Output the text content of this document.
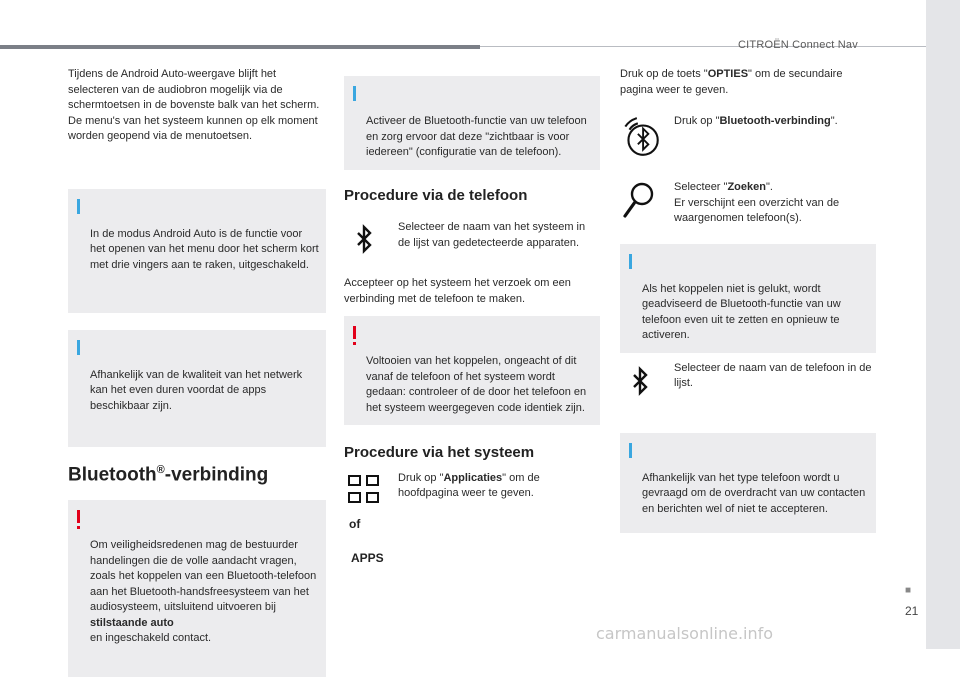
CITROËN Connect Nav

Tijdens de Android Auto-weergave blijft het selecteren van de audiobron mogelijk via de schermtoetsen in de bovenste balk van het scherm.
De menu's van het systeem kunnen op elk moment worden geopend via de menutoetsen.

In de modus Android Auto is de functie voor het openen van het menu door het scherm kort met drie vingers aan te raken, uitgeschakeld.

Afhankelijk van de kwaliteit van het netwerk kan het even duren voordat de apps beschikbaar zijn.

Bluetooth®-verbinding

Om veiligheidsredenen mag de bestuurder handelingen die de volle aandacht vragen, zoals het koppelen van een Bluetooth-telefoon aan het Bluetooth-handsfreesysteem van het audiosysteem, uitsluitend uitvoeren bij stilstaande auto
en ingeschakeld contact.

Activeer de Bluetooth-functie van uw telefoon en zorg ervoor dat deze "zichtbaar is voor iedereen" (configuratie van de telefoon).

Procedure via de telefoon
Selecteer de naam van het systeem in de lijst van gedetecteerde apparaten.

Accepteer op het systeem het verzoek om een verbinding met de telefoon te maken.

Voltooien van het koppelen, ongeacht of dit vanaf de telefoon of het systeem wordt gedaan: controleer of de door het telefoon en het systeem weergegeven code identiek zijn.

Procedure via het systeem
Druk op "Applicaties" om de hoofdpagina weer te geven.
of
APPS

Druk op de toets "OPTIES" om de secundaire pagina weer te geven.

Druk op "Bluetooth-verbinding".
Selecteer "Zoeken".
Er verschijnt een overzicht van de waargenomen telefoon(s).

Als het koppelen niet is gelukt, wordt geadviseerd de Bluetooth-functie van uw telefoon even uit te zetten en opnieuw te activeren.

Selecteer de naam van de telefoon in de lijst.

Afhankelijk van het type telefoon wordt u gevraagd om de overdracht van uw contacten en berichten wel of niet te accepteren.

■
21
carmanualsonline.info
